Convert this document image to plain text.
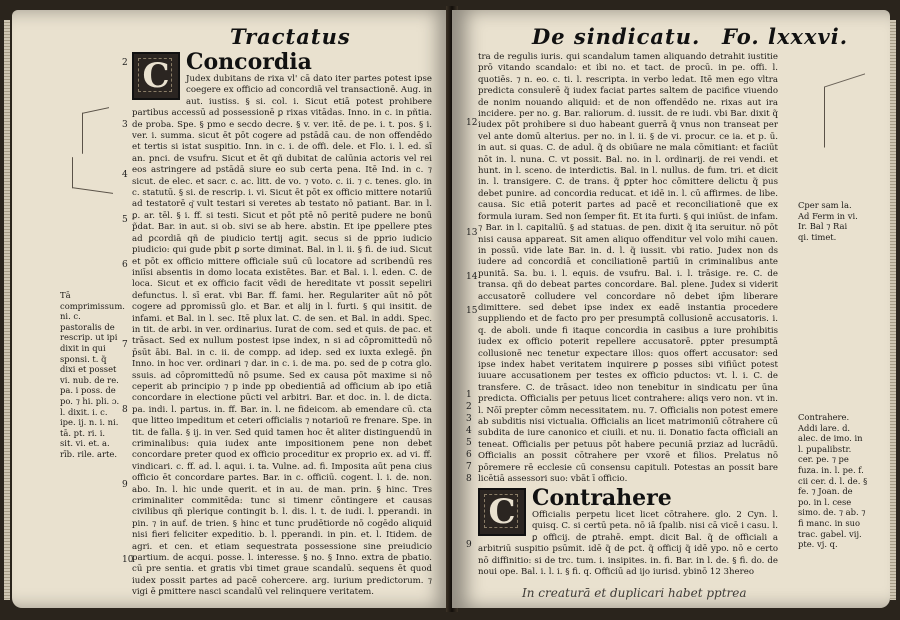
Tractatus
C Concordia
Judex dubitans de rixa vl' cā dato iter partes potest ipse coegere ex officio ad concordiā vel transactionē. Aug. in aut. iustiss. § si. col. i. Sicut etiā potest prohibere partibus accessū ad possessionē ꝑ rixas vitādas. Inno. in c. in pñtia. de proba. Spe. § pmo e secdo decre. § v. ver. itē. de pe. i. t. pos. § i. ver. i. summa. sicut ēt pōt cogere ad pstādā cau. de non offendēdo et tertis si istat suspitio. Inn. in c. i. de offi. dele. et Flo. i. l. ed. sī an. pnci. de vsufru. Sicut et ēt qñ dubitat de calūnia actoris vel rei eos astringere ad pstādā siure eo sub certa pena. Itē Ind. in c. ⁊ sicut. de elec. et sacr. c. ac. litt. de vo. ⁊ voto. c. ii. ⁊ c. tenes. glo. in c. statutū. § si. de rescrip. i. vi. Sicut ēt pōt ex officio mittere notariū ad testatorē q͂ vult testari si veretes ab testato nō patiant. Bar. in l. ꝑ. ar. tēl. § i. ff. si testi. Sicut et pōt ptē nō peritē pudere ne bonū p̃dat. Bar. in aut. si ob. sivi se ab here. abstin. Et ipe ꝑpellere ptes ad ꝑcordiā qñ de piudicio tertij agit. secus si de pprio iudicio piudicio: qui gude pbit ꝑ sorte diminat. Bal. in l. ii. § fi. de iud. Sicut et pōt ex officio mittere officiale suū cū locatore ad scribendū res iniīsi absentis in domo locata existētes. Bar. et Bal. i. l. eden. C. de loca. Sicut et ex officio facit vēdi de hereditate vt possit sepeliri defunctus. l. sī erat. vbi Bar. ff. fami. her. Regulariter aūt nō pōt cogere ad ꝑpromissū glo. et Bar. et alij in l. furti. § qui insitit. de infami. et Bal. in l. sec. Itē plux lat. C. de sen. et Bal. in addi. Spec. in tit. de arbi. in ver. ordinarius. Iurat de com. sed et quis. de pac. et trāsact. Sed ex nullum postest ipse index, n si ad cōpromittedū nō p̄sūt ābi. Bal. in c. ii. de compp. ad idep. sed ex iuxta exlegē. p̃n Inno. in hoc ver. ordinari ⁊ dar. in c. i. de ma. po. sed de p cotra glo. ssuis. ad cōpromittedū nō psume. Sed ex causa pōt maxime si nō ceperit ab principio ⁊ p inde pp obedientiā ad officium ab ipo etiā concordare in electione pūcti vel arbitri. Bar. et doc. in. l. de dicta. pa. indi. l. partus. in. ff. Bar. in. l. ne fideicom. ab emendare cū. cta que litteo impeditum et ceteri officialis ⁊ notarioū re frenare. Spe. in tit. de falla. § ij. in ver. Sed quid tamen hoc ēt aliter distinguendū in criminalibus: quia iudex ante impositionem pene non debet concordare preter quod ex officio proceditur ex proprio ex. ad vi. ff. vindicari. c. ff. ad. l. aqui. i. ta. Vulne. ad. fi. Imposita aūt pena cius officio ēt concordare partes. Bar. in c. officiū. cogent. l. i. de. non. abo. In. l. hic unde querit. et in au. de man. prin. § hinc. Tres criminaliter commitēda: tunc si timenr cōntingere et causas civilibus qñ plerique contingit b. l. dis. l. t. de iudi. l. pperandi. in pin. ⁊ in auf. de trien. § hinc et tunc prudētiorde nō cogēdo aliquid nisi fieri feliciter expeditio. b. l. pperandi. in pin. et. l. Itidem. de agri. et cen. et etiam sequestrata possessione sine preiudicio partium. de acqui. posse. l. interesse. § no. § Inno. extra de pbatio. cū pre sentia. et gratis vbi timet graue scandalū. sequens ēt quod iudex possit partes ad pacē cohercere. arg. iurium predictorum. ⁊ vigi ē ꝑmittere nasci scandalū vel relinquere veritatem.
Tā comprimissum. ni. c. pastoralis de rescrip. ut ipi dixit in qui sponsi. t. q̃ dixi et posset vi. nub. de re. pa. i poss. de po. ⁊ hi. pli. ɔ. l. dixit. i. c. ipe. ij. n. i. ni. tā. pt. ri. i. sit. vi. et. a. rīb. rile. arte.
2
3
4
5
6
7
8
9
10
De sindicatu. Fo. lxxxvi.
tra de regulis iuris. qui scandalum tamen aliquando detrahit iustitie prō vitando scandalo: et ibi no. et tact. de procū. in pe. offi. l. quotiēs. ⁊ n. eo. c. ti. l. rescripta. in verbo ledat. Itē men ego vltra predicta consulerē q̃ iudex faciat partes saltem de pacifice viuendo de nonim nouando aliquid: et de non offendēdo ne. rixas aut ira incidere. per no. g. Bar. raliorum. d. iussit. de re iudi. vbi Bar. dixit q̃ iudex pōt prohibere si duo habeant guerrā q̃ vnus non transeat per vel ante domū alterius. per no. in l. ii. § de vi. procur. ce ia. et p. ū. in aut. si quas. C. de adul. q̃ ds obiūare ne mala cōmitiant: et faciūt nōt in. l. nuna. C. vt possit. Bal. no. in l. ordinarij. de rei vendi. et hunt. in l. sceno. de interdictis. Bal. in l. nullus. de fum. tri. et dicit in. l. transigere. C. de trans. q̃ ꝑpter hoc cōmittere delictu q̃ pus debet punire. ad concordia reducat. et idē in. l. cū affirmes. de libe. causa. Sic etiā poterit partes ad pacē et reconciliationē que ex formula iuram. Sed non ſemper fit. Et ita furti. § qui iniūst. de infam. ⁊ Bar. in l. capitaliū. § ad statuas. de pen. dixit q̃ ita seruitur. nō pōt nisi causa appareat. Sit amen aliquo offenditur vel volo mihi cauen. in possū. vide late Bar. in. d. l. q̃ iussit. vbi ratio. Judex non ds iudere ad concordiā et conciliationē partiū in criminalibus ante punitā. Sa. bu. i. l. equis. de vsufru. Bal. i. l. trāsige. re. C. de transa. qñ do debeat partes concordare. Bal. plene. Judex si viderit accusatorē colludere vel concordare nō debet ip̄m liberare dimittere. sed debet ipse index ex eadē instantia procedere suppliendo et de facto pro per presumptā collusionē accusatoris. i. q. de aboli. unde fi itaque concordia in casibus a iure prohibitis iudex ex officio poterit repellere accusatorē. ꝑpter presumptā collusionē nec tenetur expectare illos: quos offert accusator: sed ipse index habet veritatem inquirere ꝑ posses sibi vifiūct potest iuuare accusationem per testes ex officio pductos: vt. l. i. C. de transfere. C. de trāsact. ideo non tenebitur in sindicatu per ūna predicta. Officialis per petuus licet contrahere: aliqs vero non. vt in. l. Nōī prepter cōmm necessitatem. nu. 7. Officialis non potest emere ab subditis nisi victualia. Officialis an licet matrimoniū cōtrahere cū subdita de iure canonico et ciuili. et nu. ii. Donatio facta officiali an teneat. Officialis per petuus pōt habere pecuniā prziaz ad lucrādū. Officialis an possit cōtrahere per vxorē et filios. Prelatus nō pōremere rē ecclesie cū consensu capituli. Potestas an possit bare licētiā assessori suo: vbāt ī officio.
C Contrahere
Officialis perpetu licet licet cōtrahere. glo. 2 Cyn. l. quisq. C. si certū peta. nō iā ſpalib. nisi cā vicē i casu. l. ꝑ officij. de ꝑtrahē. empt. dicit Bal. q̃ de officiali a arbitriū suspitio psūmit. idē q̃ de ꝑct. q̃ officij q̃ idē ypo. nō e certo nō diffinitio: si de trc. tum. i. insipites. in. fi. Bar. in l. de. § fi. do. de noui ope. Bal. i. l. i. § fi. q. Officiū ad ijo iurisd. ybinō 12 3hereo
Cper sam la. Ad Ferm in vi. Ir. Bal ⁊ Rai qi. timet.
Contrahere. Addi lare. d. alec. de imo. in l. pupalibstr. cer. pe. ⁊ pe fuza. in. l. pe. f. cii cer. d. l. de. § fe. ⁊ Joan. de po. in l. cese simo. de. ⁊ ab. ⁊ fi manc. in suo trac. gabel. vij. pte. vj. q.
12
13
14
15
1
2
3
4
5
6
7
8
9
In creaturā et duplicari habet pptrea
